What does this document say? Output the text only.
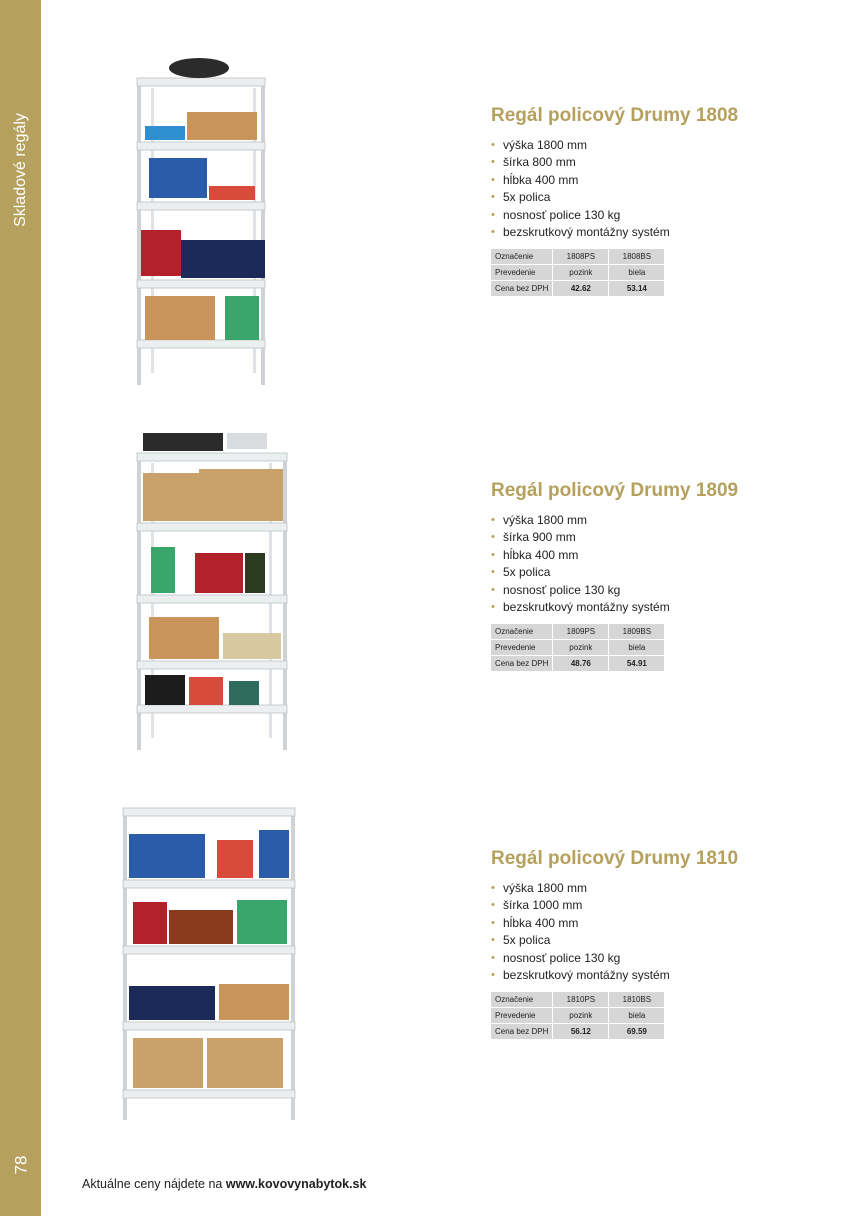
Skladové regály
78
Regál policový Drumy 1808
• výška 1800 mm
• šírka 800 mm
• hĺbka 400 mm
• 5x polica
• nosnosť police 130 kg
• bezskrutkový montážny systém
Označenie	1808PS	1808BS
Prevedenie	pozink	biela
Cena bez DPH	42.62	53.14
Regál policový Drumy 1809
• výška 1800 mm
• šírka 900 mm
• hĺbka 400 mm
• 5x polica
• nosnosť police 130 kg
• bezskrutkový montážny systém
Označenie	1809PS	1809BS
Prevedenie	pozink	biela
Cena bez DPH	48.76	54.91
Regál policový Drumy 1810
• výška 1800 mm
• šírka 1000 mm
• hĺbka 400 mm
• 5x polica
• nosnosť police 130 kg
• bezskrutkový montážny systém
Označenie	1810PS	1810BS
Prevedenie	pozink	biela
Cena bez DPH	56.12	69.59
Aktuálne ceny nájdete na www.kovovynabytok.sk
